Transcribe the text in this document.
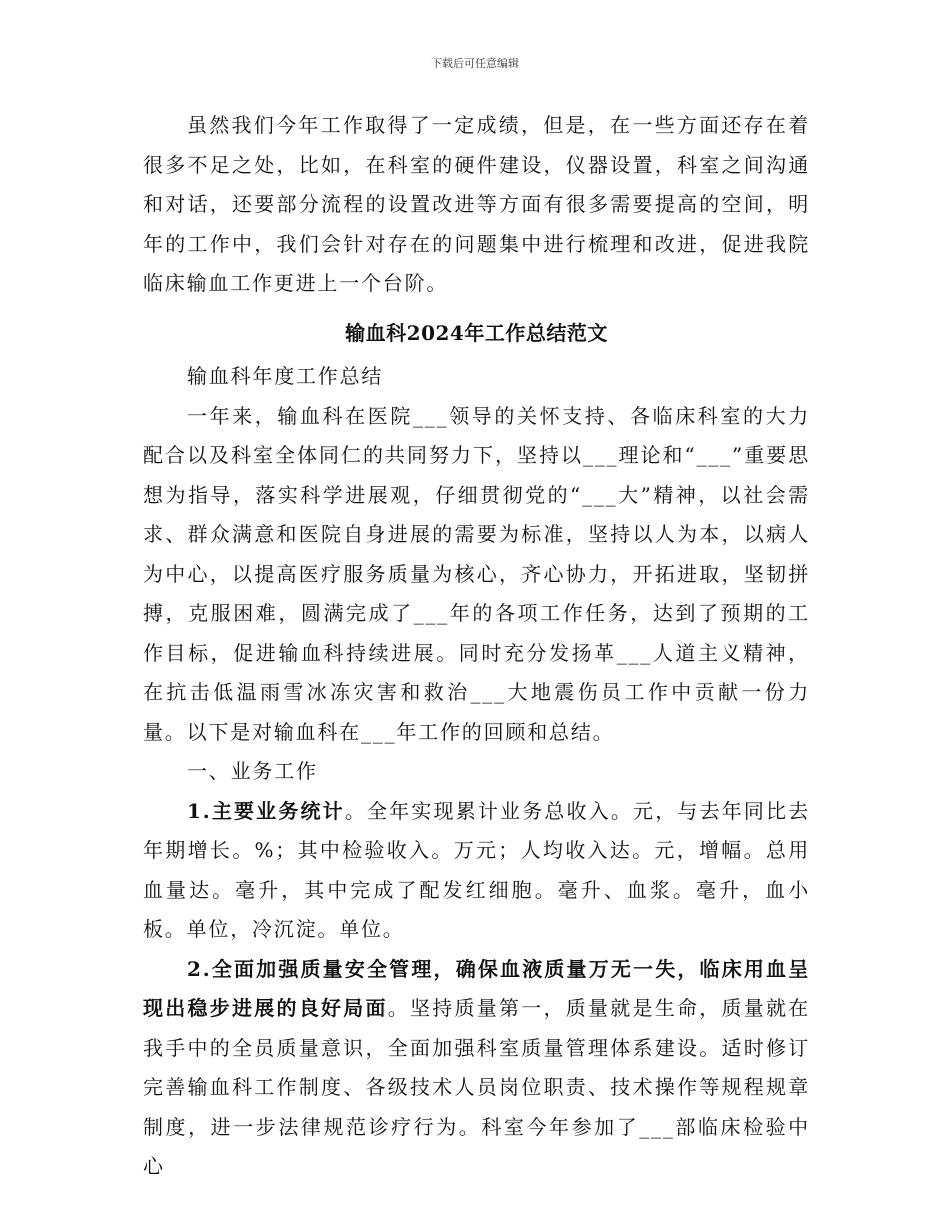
下载后可任意编辑

虽然我们今年工作取得了一定成绩，但是，在一些方面还存在着很多不足之处，比如，在科室的硬件建设，仪器设置，科室之间沟通和对话，还要部分流程的设置改进等方面有很多需要提高的空间，明年的工作中，我们会针对存在的问题集中进行梳理和改进，促进我院临床输血工作更进上一个台阶。

输血科2024年工作总结范文

输血科年度工作总结

一年来，输血科在医院___领导的关怀支持、各临床科室的大力配合以及科室全体同仁的共同努力下，坚持以___理论和“___”重要思想为指导，落实科学进展观，仔细贯彻党的“___大”精神，以社会需求、群众满意和医院自身进展的需要为标准，坚持以人为本，以病人为中心，以提高医疗服务质量为核心，齐心协力，开拓进取，坚韧拼搏，克服困难，圆满完成了___年的各项工作任务，达到了预期的工作目标，促进输血科持续进展。同时充分发扬革___人道主义精神，在抗击低温雨雪冰冻灾害和救治___大地震伤员工作中贡献一份力量。以下是对输血科在___年工作的回顾和总结。

一、业务工作

1.主要业务统计。全年实现累计业务总收入。元，与去年同比去年期增长。%；其中检验收入。万元；人均收入达。元，增幅。总用血量达。毫升，其中完成了配发红细胞。毫升、血浆。毫升，血小板。单位，冷沉淀。单位。

2.全面加强质量安全管理，确保血液质量万无一失，临床用血呈现出稳步进展的良好局面。坚持质量第一，质量就是生命，质量就在我手中的全员质量意识，全面加强科室质量管理体系建设。适时修订完善输血科工作制度、各级技术人员岗位职责、技术操作等规程规章制度，进一步法律规范诊疗行为。科室今年参加了___部临床检验中心
